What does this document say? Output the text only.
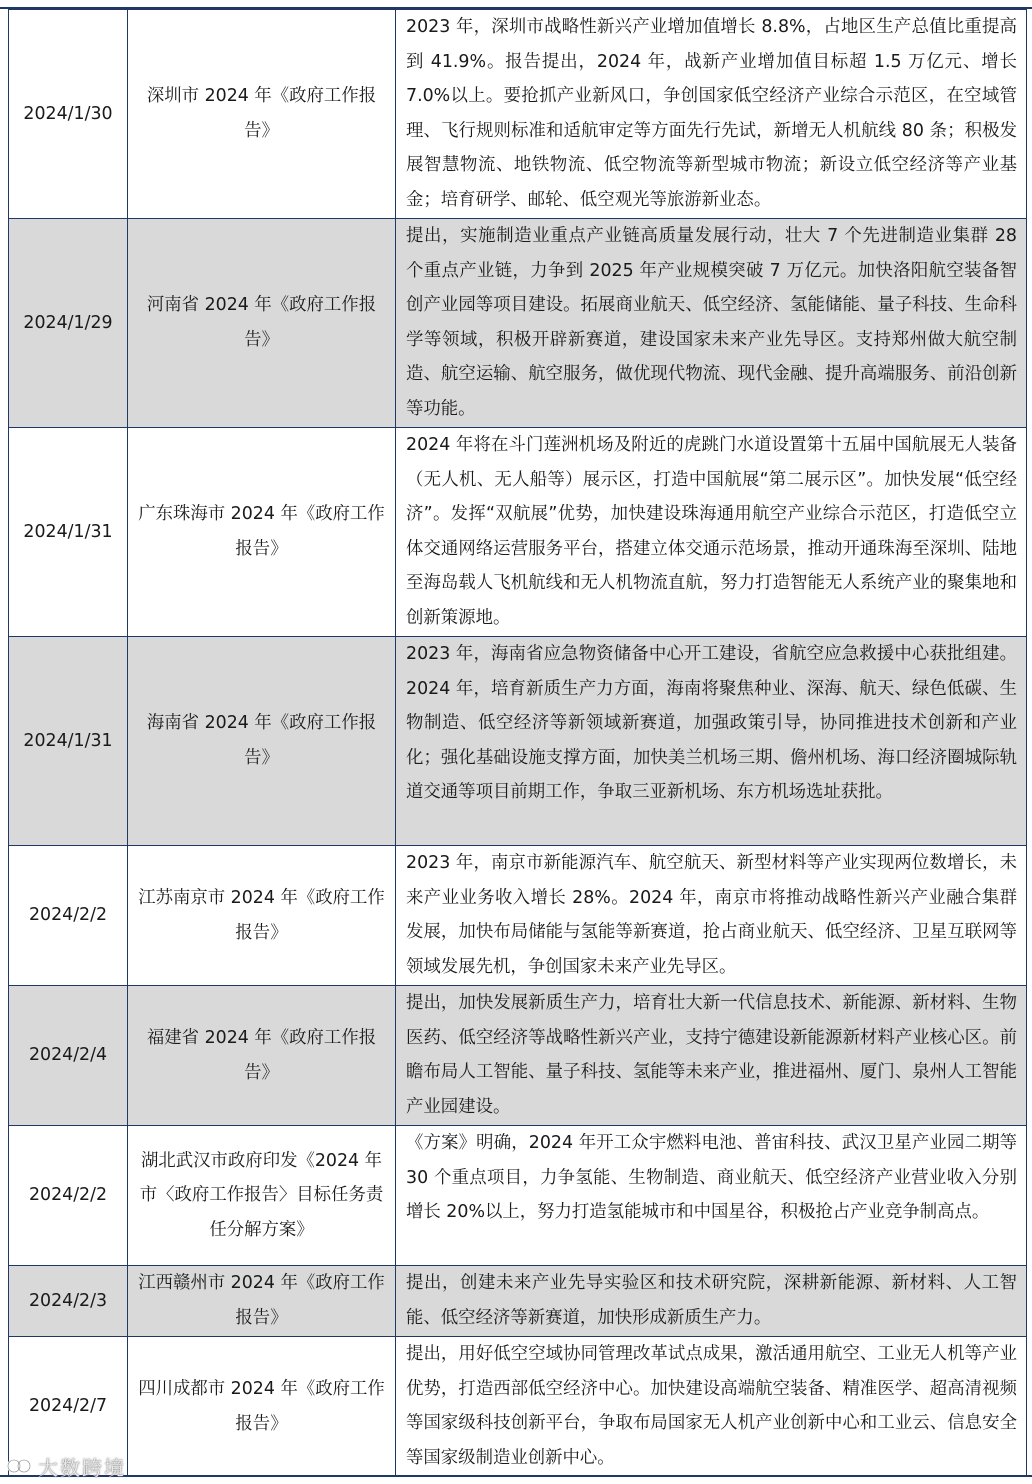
2024/1/30	深圳市 2024 年《政府工作报告》	2023 年，深圳市战略性新兴产业增加值增长 8.8%，占地区生产总值比重提高到 41.9%。报告提出，2024 年，战新产业增加值目标超 1.5 万亿元、增长 7.0%以上。要抢抓产业新风口，争创国家低空经济产业综合示范区，在空域管理、飞行规则标准和适航审定等方面先行先试，新增无人机航线 80 条；积极发展智慧物流、地铁物流、低空物流等新型城市物流；新设立低空经济等产业基金；培育研学、邮轮、低空观光等旅游新业态。
2024/1/29	河南省 2024 年《政府工作报告》	提出，实施制造业重点产业链高质量发展行动，壮大 7 个先进制造业集群 28 个重点产业链，力争到 2025 年产业规模突破 7 万亿元。加快洛阳航空装备智创产业园等项目建设。拓展商业航天、低空经济、氢能储能、量子科技、生命科学等领域，积极开辟新赛道，建设国家未来产业先导区。支持郑州做大航空制造、航空运输、航空服务，做优现代物流、现代金融、提升高端服务、前沿创新等功能。
2024/1/31	广东珠海市 2024 年《政府工作报告》	2024 年将在斗门莲洲机场及附近的虎跳门水道设置第十五届中国航展无人装备（无人机、无人船等）展示区，打造中国航展“第二展示区”。加快发展“低空经济”。发挥“双航展”优势，加快建设珠海通用航空产业综合示范区，打造低空立体交通网络运营服务平台，搭建立体交通示范场景，推动开通珠海至深圳、陆地至海岛载人飞机航线和无人机物流直航，努力打造智能无人系统产业的聚集地和创新策源地。
2024/1/31	海南省 2024 年《政府工作报告》	2023 年，海南省应急物资储备中心开工建设，省航空应急救援中心获批组建。2024 年，培育新质生产力方面，海南将聚焦种业、深海、航天、绿色低碳、生物制造、低空经济等新领域新赛道，加强政策引导，协同推进技术创新和产业化；强化基础设施支撑方面，加快美兰机场三期、儋州机场、海口经济圈城际轨道交通等项目前期工作，争取三亚新机场、东方机场选址获批。
2024/2/2	江苏南京市 2024 年《政府工作报告》	2023 年，南京市新能源汽车、航空航天、新型材料等产业实现两位数增长，未来产业业务收入增长 28%。2024 年，南京市将推动战略性新兴产业融合集群发展，加快布局储能与氢能等新赛道，抢占商业航天、低空经济、卫星互联网等领域发展先机，争创国家未来产业先导区。
2024/2/4	福建省 2024 年《政府工作报告》	提出，加快发展新质生产力，培育壮大新一代信息技术、新能源、新材料、生物医药、低空经济等战略性新兴产业，支持宁德建设新能源新材料产业核心区。前瞻布局人工智能、量子科技、氢能等未来产业，推进福州、厦门、泉州人工智能产业园建设。
2024/2/2	湖北武汉市政府印发《2024 年市〈政府工作报告〉目标任务责任分解方案》	《方案》明确，2024 年开工众宇燃料电池、普宙科技、武汉卫星产业园二期等 30 个重点项目，力争氢能、生物制造、商业航天、低空经济产业营业收入分别增长 20%以上，努力打造氢能城市和中国星谷，积极抢占产业竞争制高点。
2024/2/3	江西赣州市 2024 年《政府工作报告》	提出，创建未来产业先导实验区和技术研究院，深耕新能源、新材料、人工智能、低空经济等新赛道，加快形成新质生产力。
2024/2/7	四川成都市 2024 年《政府工作报告》	提出，用好低空空域协同管理改革试点成果，激活通用航空、工业无人机等产业优势，打造西部低空经济中心。加快建设高端航空装备、精准医学、超高清视频等国家级科技创新平台，争取布局国家无人机产业创新中心和工业云、信息安全等国家级制造业创新中心。
大数跨境
